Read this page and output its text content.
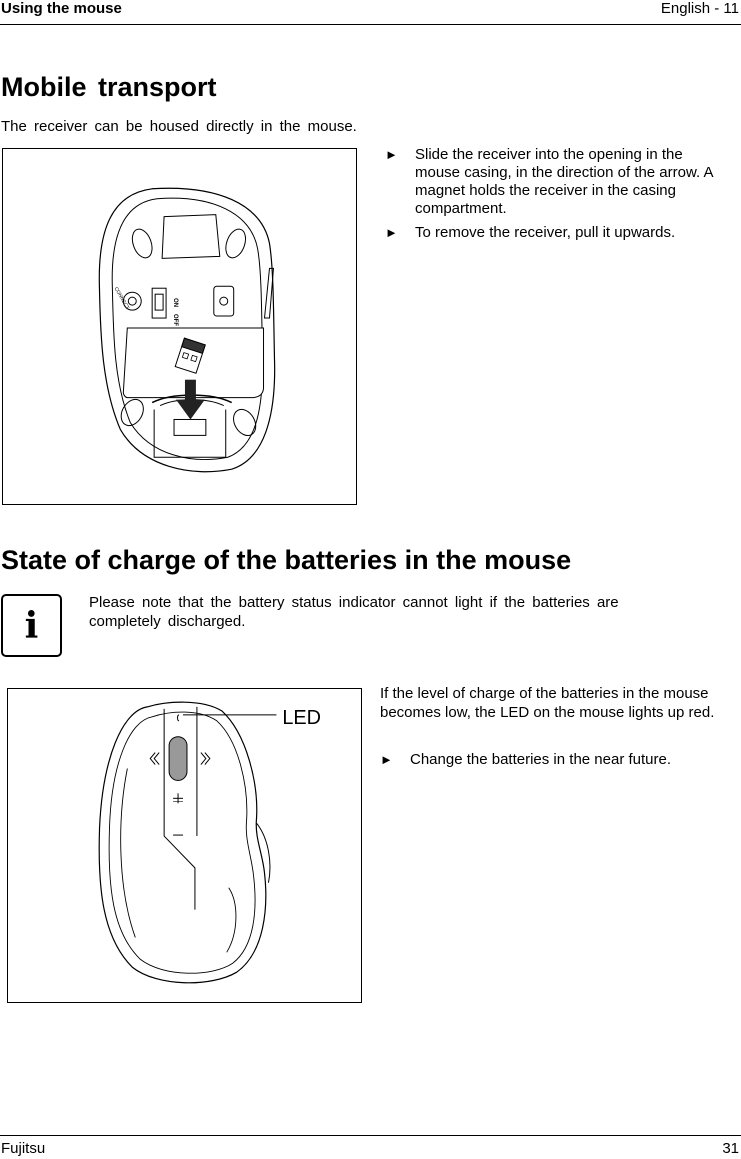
Using the mouse	English - 11
Mobile transport
The receiver can be housed directly in the mouse.
CONNECT	ON
OFF
► Slide the receiver into the opening in the mouse casing, in the direction of the arrow. A magnet holds the receiver in the casing compartment.
► To remove the receiver, pull it upwards.
State of charge of the batteries in the mouse
i
Please note that the battery status indicator cannot light if the batteries are completely discharged.
LED
If the level of charge of the batteries in the mouse becomes low, the LED on the mouse lights up red.
► Change the batteries in the near future.
Fujitsu	31
